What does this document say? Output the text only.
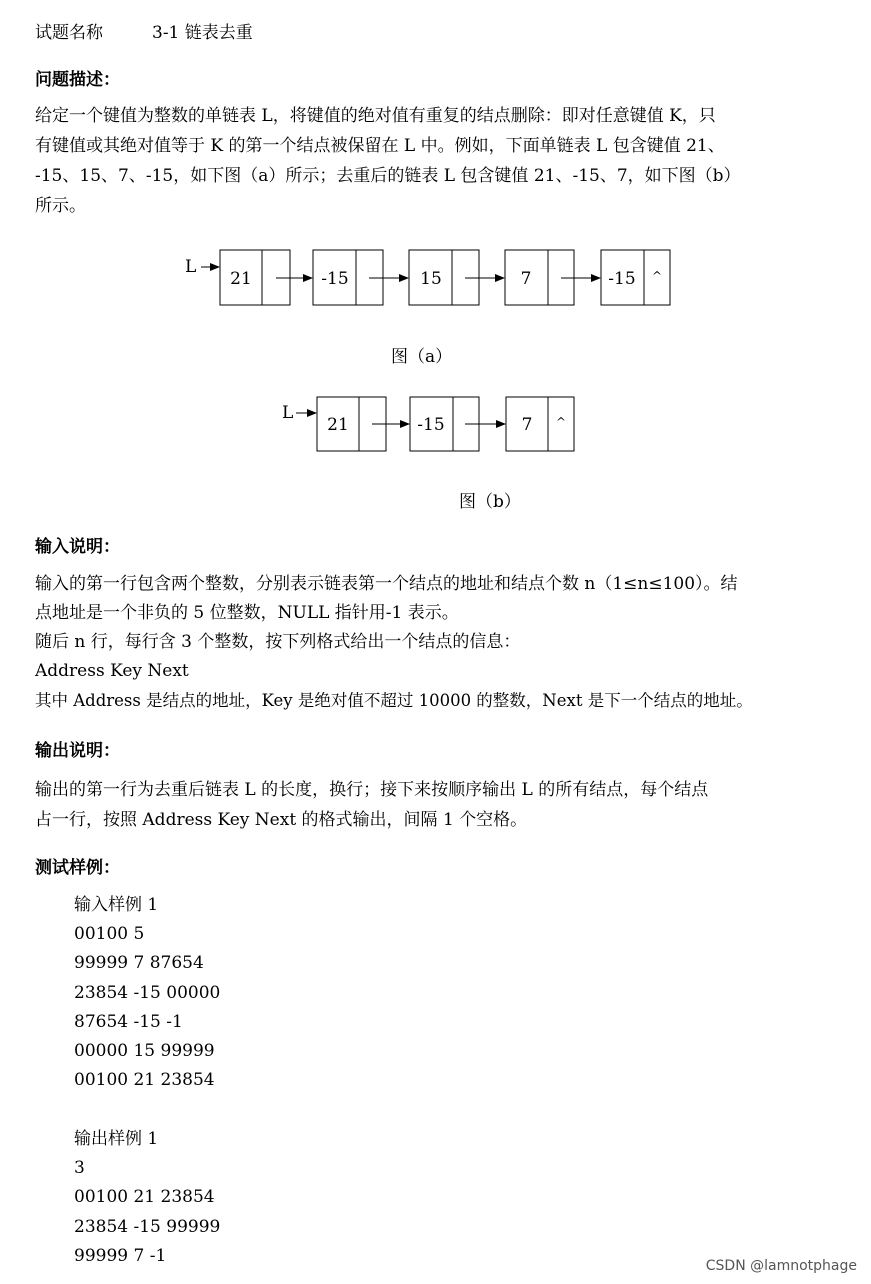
试题名称	3-1 链表去重
问题描述：
给定一个键值为整数的单链表 L，将键值的绝对值有重复的结点删除：即对任意键值 K，只
有键值或其绝对值等于 K 的第一个结点被保留在 L 中。例如，下面单链表 L 包含键值 21、
-15、15、7、-15，如下图（a）所示；去重后的链表 L 包含键值 21、-15、7，如下图（b）
所示。
L
21	-15	15	7	-15 ^
图（a）
L
21	-15	7 ^
图（b）
输入说明：
输入的第一行包含两个整数，分别表示链表第一个结点的地址和结点个数 n（1≤n≤100）。结
点地址是一个非负的 5 位整数，NULL 指针用-1 表示。
随后 n 行，每行含 3 个整数，按下列格式给出一个结点的信息：
Address Key Next
其中 Address 是结点的地址，Key 是绝对值不超过 10000 的整数，Next 是下一个结点的地址。
输出说明：
输出的第一行为去重后链表 L 的长度，换行；接下来按顺序输出 L 的所有结点，每个结点
占一行，按照 Address Key Next 的格式输出，间隔 1 个空格。
测试样例：
输入样例 1
00100 5
99999 7 87654
23854 -15 00000
87654 -15 -1
00000 15 99999
00100 21 23854
输出样例 1
3
00100 21 23854
23854 -15 99999
99999 7 -1
CSDN @lamnotphage
